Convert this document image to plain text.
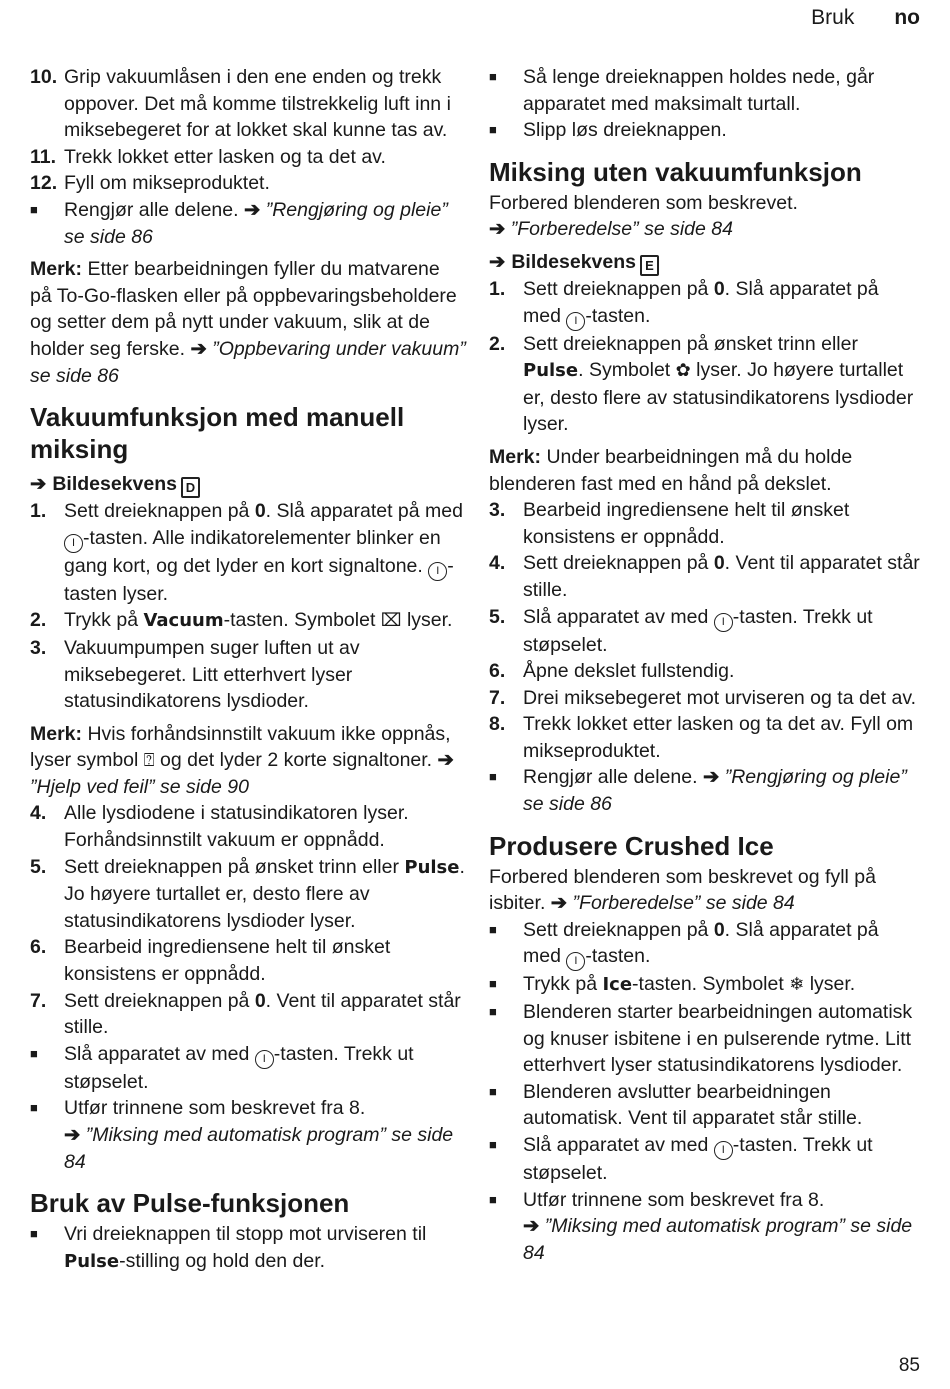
Bruk no
10. Grip vakuumlåsen i den ene enden og trekk oppover. Det må komme tilstrekkelig luft inn i miksebegeret for at lokket skal kunne tas av.
11. Trekk lokket etter lasken og ta det av.
12. Fyll om mikseproduktet.
■	Rengjør alle delene. ➔ ”Rengjøring og pleie” se side 86

Merk: Etter bearbeidningen fyller du matvarene på To-Go-flasken eller på oppbevaringsbeholdere og setter dem på nytt under vakuum, slik at de holder seg ferske. ➔ ”Oppbevaring under vakuum” se side 86

Vakuumfunksjon med manuell miksing

➔ Bildesekvens D

1. Sett dreieknappen på 0. Slå apparatet på med I -tasten. Alle indikatorelementer blinker en gang kort, og det lyder en kort signaltone. I -tasten lyser.
2. Trykk på Vacuum-tasten. Symbolet ⌧ lyser.
3. Vakuumpumpen suger luften ut av miksebegeret. Litt etterhvert lyser statusindikatorens lysdioder.

Merk: Hvis forhåndsinnstilt vakuum ikke oppnås, lyser symbol ⍰ og det lyder 2 korte signaltoner. ➔ ”Hjelp ved feil” se side 90

4. Alle lysdiodene i statusindikatoren lyser. Forhåndsinnstilt vakuum er oppnådd.
5. Sett dreieknappen på ønsket trinn eller Pulse. Jo høyere turtallet er, desto flere av statusindikatorens lysdioder lyser.
6. Bearbeid ingrediensene helt til ønsket konsistens er oppnådd.
7. Sett dreieknappen på 0. Vent til apparatet står stille.
■	Slå apparatet av med I -tasten. Trekk ut støpselet.
■	Utfør trinnene som beskrevet fra 8.
➔ ”Miksing med automatisk program” se side 84
Bruk av Pulse-funksjonen
■	Vri dreieknappen til stopp mot urviseren til Pulse-stilling og hold den der.
■	Så lenge dreieknappen holdes nede, går apparatet med maksimalt turtall.
■	Slipp løs dreieknappen.
Miksing uten vakuumfunksjon

Forbered blenderen som beskrevet.
➔ ”Forberedelse” se side 84

➔ Bildesekvens E

1. Sett dreieknappen på 0. Slå apparatet på med I -tasten.
2. Sett dreieknappen på ønsket trinn eller Pulse. Symbolet ✿ lyser. Jo høyere turtallet er, desto flere av statusindikatorens lysdioder lyser.

Merk: Under bearbeidningen må du holde blenderen fast med en hånd på dekslet.

3. Bearbeid ingrediensene helt til ønsket konsistens er oppnådd.
4. Sett dreieknappen på 0. Vent til apparatet står stille.
5. Slå apparatet av med I -tasten. Trekk ut støpselet.
6. Åpne dekslet fullstendig.
7. Drei miksebegeret mot urviseren og ta det av.
8. Trekk lokket etter lasken og ta det av. Fyll om mikseproduktet.
■	Rengjør alle delene. ➔ ”Rengjøring og pleie” se side 86
Produsere Crushed Ice

Forbered blenderen som beskrevet og fyll på isbiter. ➔ ”Forberedelse” se side 84

■	Sett dreieknappen på 0. Slå apparatet på med I -tasten.
■	Trykk på Ice-tasten. Symbolet ❄ lyser.
■	Blenderen starter bearbeidningen automatisk og knuser isbitene i en pulserende rytme. Litt etterhvert lyser statusindikatorens lysdioder.
■	Blenderen avslutter bearbeidningen automatisk. Vent til apparatet står stille.
■	Slå apparatet av med I -tasten. Trekk ut støpselet.
■	Utfør trinnene som beskrevet fra 8.
➔ ”Miksing med automatisk program” se side 84
85
